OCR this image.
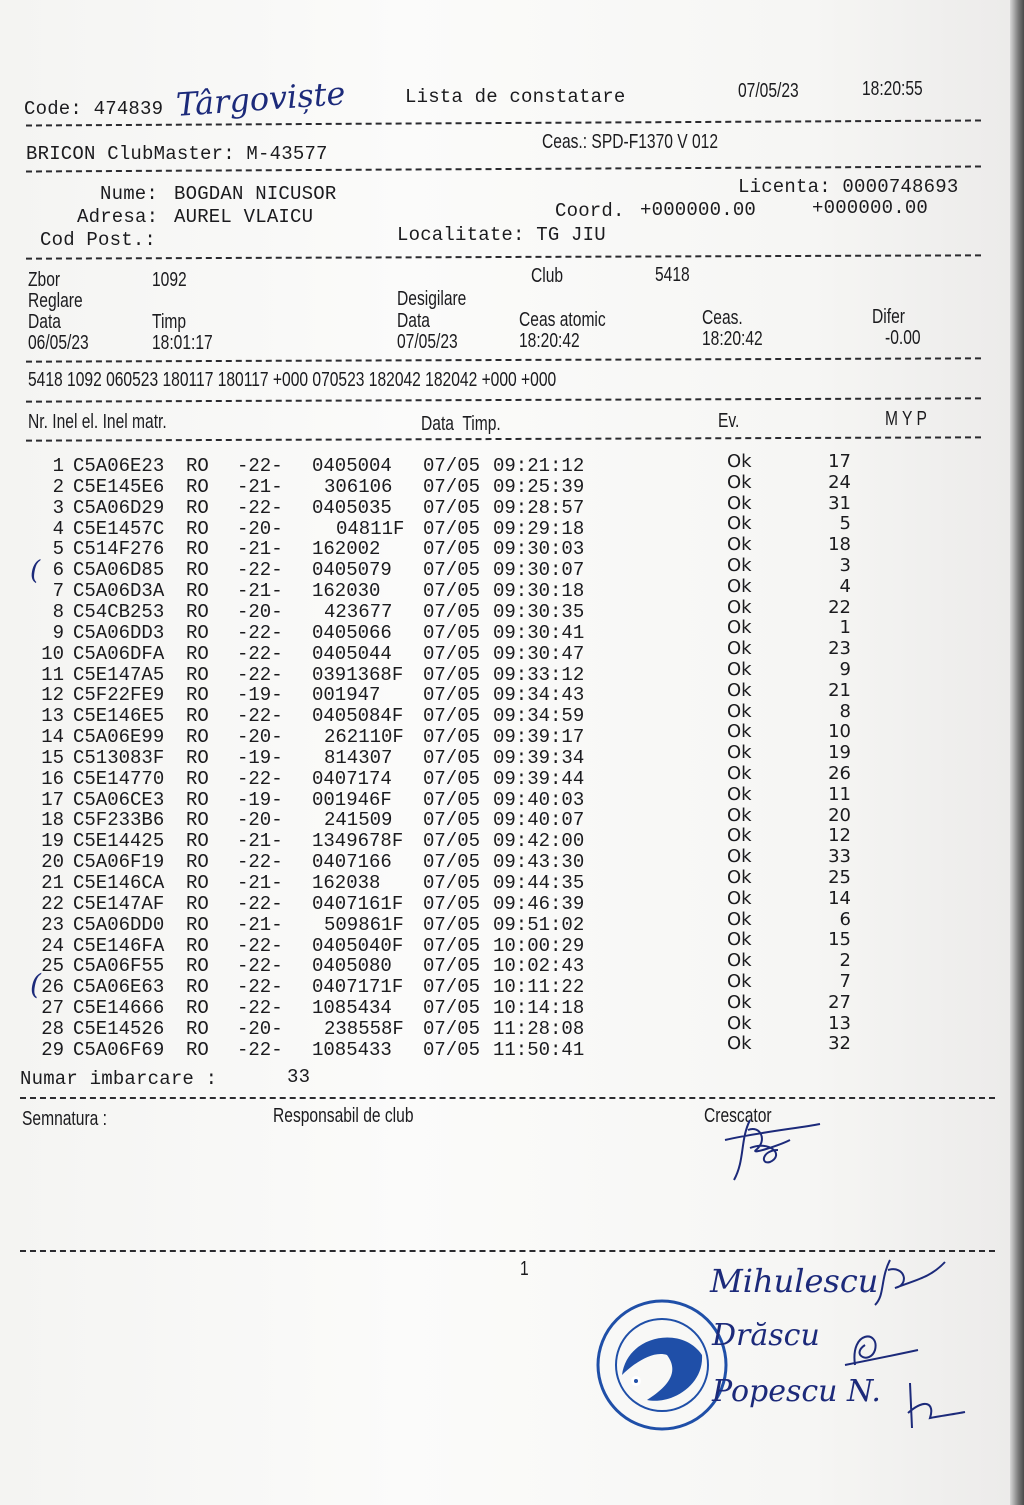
Code: 474839 Târgoviște	Lista de constatare	07/05/23	18:20:55
BRICON ClubMaster: M-43577
Ceas.: SPD-F1370 V 012
Nume: BOGDAN NICUSOR
Adresa: AUREL VLAICU
Cod Post.:
Licenta: 0000748693
Coord. +000000.00	+000000.00
Localitate: TG JIU
Zbor	1092	Club	5418
Reglare	Desigilare
Data	Timp	Data	Ceas atomic	Ceas.	Difer
06/05/23	18:01:17	07/05/23	18:20:42	18:20:42	-0.00
5418 1092 060523 180117 180117 +000 070523 182042 182042 +000 +000
Nr. Inel el. Inel matr.	Data  Timp.	Ev.	M Y P
1 C5A06E23 RO -22- 0405004 07/05 09:21:12	Ok	17
2 C5E145E6 RO -21- 306106 07/05 09:25:39	Ok	24
3 C5A06D29 RO -22- 0405035 07/05 09:28:57	Ok	31
4 C5E1457C RO -20-	04811F 07/05 09:29:18	Ok	5
5 C514F276 RO -21- 162002 07/05 09:30:03	Ok	18
6 C5A06D85 RO -22- 0405079 07/05 09:30:07	Ok	3
7 C5A06D3A RO -21- 162030 07/05 09:30:18	Ok	4
8 C54CB253 RO -20- 423677 07/05 09:30:35	Ok	22
9 C5A06DD3 RO -22- 0405066 07/05 09:30:41	Ok	1
10 C5A06DFA RO -22- 0405044 07/05 09:30:47	Ok	23
11 C5E147A5 RO -22- 0391368F 07/05 09:33:12	Ok	9
12 C5F22FE9 RO -19- 001947 07/05 09:34:43	Ok	21
13 C5E146E5 RO -22- 0405084F 07/05 09:34:59	Ok	8
14 C5A06E99 RO -20- 262110F 07/05 09:39:17	Ok	10
15 C513083F RO -19- 814307 07/05 09:39:34	Ok	19
16 C5E14770 RO -22- 0407174 07/05 09:39:44	Ok	26
17 C5A06CE3 RO -19- 001946F 07/05 09:40:03	Ok	11
18 C5F233B6 RO -20- 241509 07/05 09:40:07	Ok	20
19 C5E14425 RO -21- 1349678F 07/05 09:42:00	Ok	12
20 C5A06F19 RO -22- 0407166 07/05 09:43:30	Ok	33
21 C5E146CA RO -21- 162038 07/05 09:44:35	Ok	25
22 C5E147AF RO -22- 0407161F 07/05 09:46:39	Ok	14
23 C5A06DD0 RO -21- 509861F 07/05 09:51:02	Ok	6
24 C5E146FA RO -22- 0405040F 07/05 10:00:29	Ok	15
25 C5A06F55 RO -22- 0405080 07/05 10:02:43	Ok	2
26 C5A06E63 RO -22- 0407171F 07/05 10:11:22	Ok	7
27 C5E14666 RO -22- 1085434 07/05 10:14:18	Ok	27
28 C5E14526 RO -20- 238558F 07/05 11:28:08	Ok	13
29 C5A06F69 RO -22- 1085433 07/05 11:50:41	Ok	32
(
(
Numar imbarcare :	33
Semnatura :	Responsabil de club	Crescator
1	Mihulescu
Drăscu
Popescu N.
